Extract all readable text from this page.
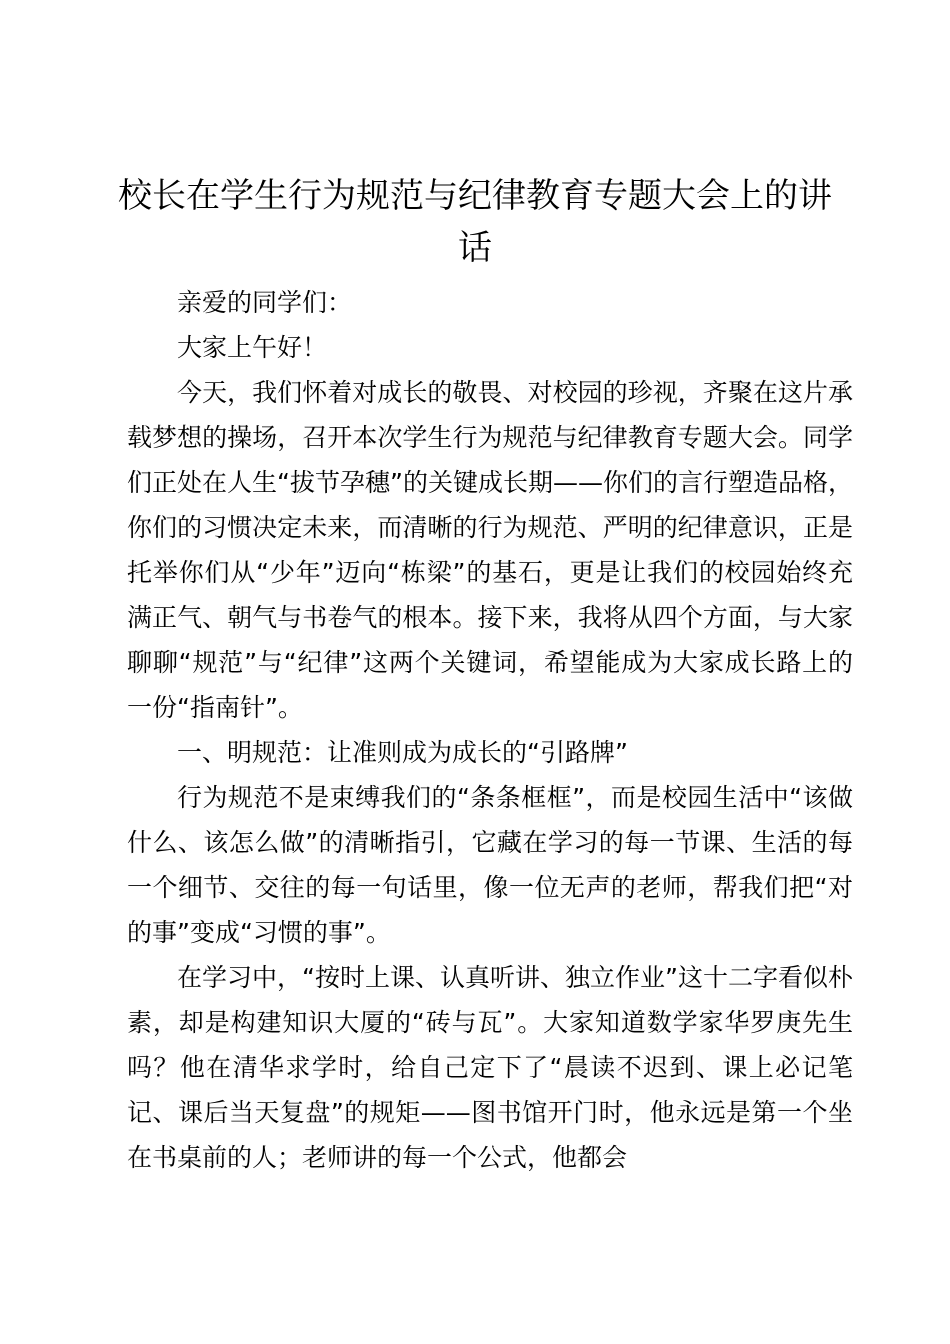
校长在学生行为规范与纪律教育专题大会上的讲话

亲爱的同学们：

大家上午好！

今天，我们怀着对成长的敬畏、对校园的珍视，齐聚在这片承载梦想的操场，召开本次学生行为规范与纪律教育专题大会。同学们正处在人生“拔节孕穗”的关键成长期——你们的言行塑造品格，你们的习惯决定未来，而清晰的行为规范、严明的纪律意识，正是托举你们从“少年”迈向“栋梁”的基石，更是让我们的校园始终充满正气、朝气与书卷气的根本。接下来，我将从四个方面，与大家聊聊“规范”与“纪律”这两个关键词，希望能成为大家成长路上的一份“指南针”。

一、明规范：让准则成为成长的“引路牌”

行为规范不是束缚我们的“条条框框”，而是校园生活中“该做什么、该怎么做”的清晰指引，它藏在学习的每一节课、生活的每一个细节、交往的每一句话里，像一位无声的老师，帮我们把“对的事”变成“习惯的事”。

在学习中，“按时上课、认真听讲、独立作业”这十二字看似朴素，却是构建知识大厦的“砖与瓦”。大家知道数学家华罗庚先生吗？他在清华求学时，给自己定下了“晨读不迟到、课上必记笔记、课后当天复盘”的规矩——图书馆开门时，他永远是第一个坐在书桌前的人；老师讲的每一个公式，他都会
